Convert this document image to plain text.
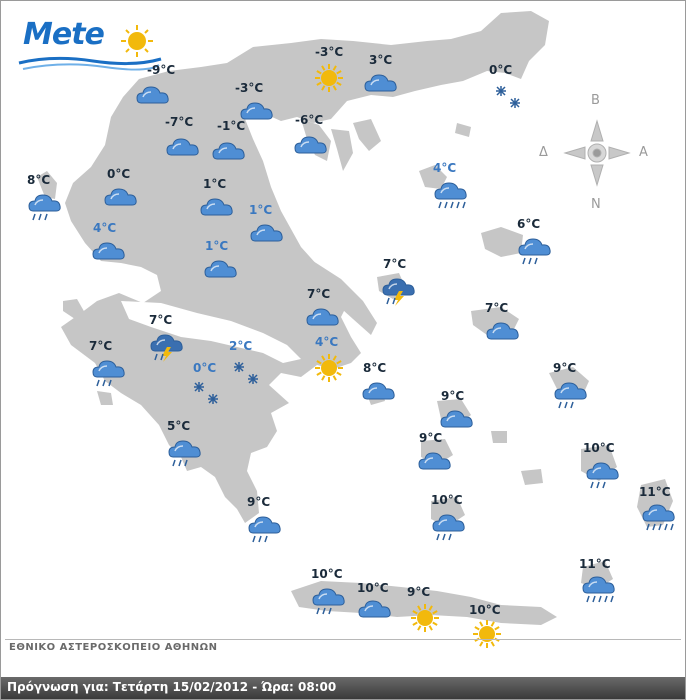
Mete
B
N
Δ	A
-9°C
-3°C
3°C
0°C
-3°C
-7°C -1°C	-6°C
8°C	0°C
1°C
4°C
1°C
4°C	6°C
1°C
7°C
7°C
7°C
7°C
7°C	4°C
0°C
2°C
8°C	9°C
5°C
9°C
9°C
10°C
9°C	10°C
11°C
11°C
10°C
10°C 9°C
10°C
ΕΘΝΙΚΟ ΑΣΤΕΡΟΣΚΟΠΕΙΟ ΑΘΗΝΩΝ
Πρόγνωση για: Τετάρτη 15/02/2012 - Ώρα: 08:00
